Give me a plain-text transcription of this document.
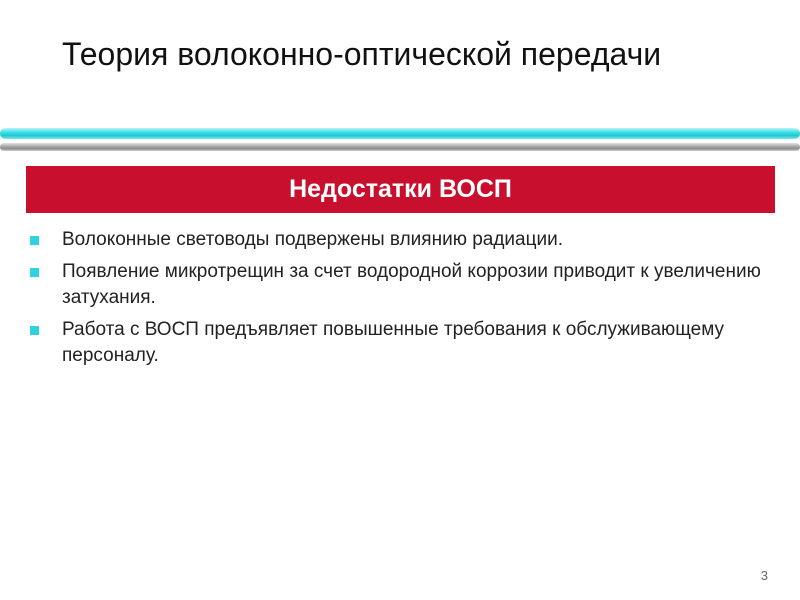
Теория волоконно-оптической передачи
Недостатки ВОСП
Волоконные световоды подвержены влиянию радиации.
Появление микротрещин за счет водородной коррозии приводит к увеличению затухания.
Работа с ВОСП предъявляет повышенные требования к обслуживающему персоналу.
3
